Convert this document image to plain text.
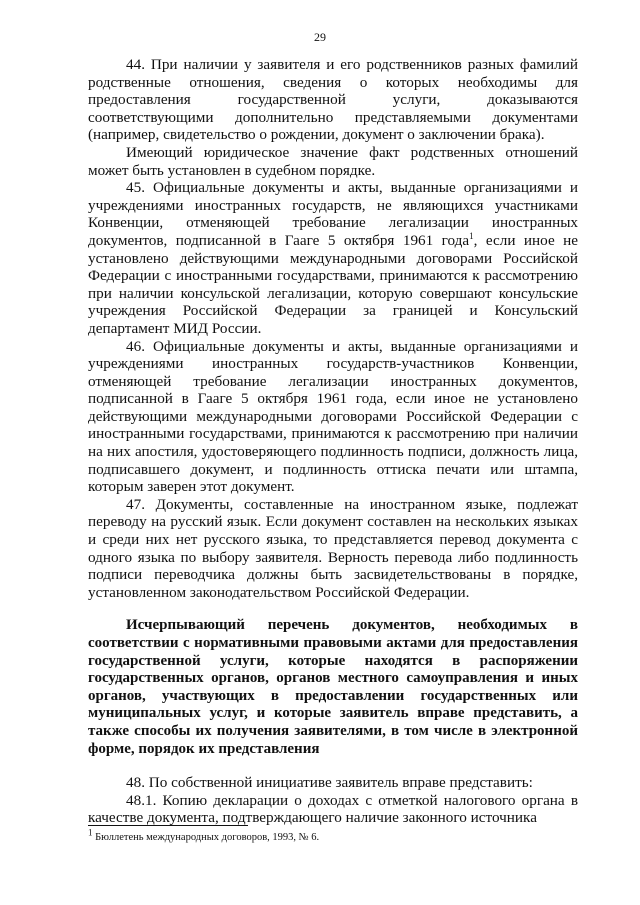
29

44. При наличии у заявителя и его родственников разных фамилий родственные отношения, сведения о которых необходимы для предоставления государственной услуги, доказываются соответствующими дополнительно представляемыми документами (например, свидетельство о рождении, документ о заключении брака).

Имеющий юридическое значение факт родственных отношений может быть установлен в судебном порядке.

45. Официальные документы и акты, выданные организациями и учреждениями иностранных государств, не являющихся участниками Конвенции, отменяющей требование легализации иностранных документов, подписанной в Гааге 5 октября 1961 года$^1$, если иное не установлено действующими международными договорами Российской Федерации с иностранными государствами, принимаются к рассмотрению при наличии консульской легализации, которую совершают консульские учреждения Российской Федерации за границей и Консульский департамент МИД России.

46. Официальные документы и акты, выданные организациями и учреждениями иностранных государств-участников Конвенции, отменяющей требование легализации иностранных документов, подписанной в Гааге 5 октября 1961 года, если иное не установлено действующими международными договорами Российской Федерации с иностранными государствами, принимаются к рассмотрению при наличии на них апостиля, удостоверяющего подлинность подписи, должность лица, подписавшего документ, и подлинность оттиска печати или штампа, которым заверен этот документ.

47. Документы, составленные на иностранном языке, подлежат переводу на русский язык. Если документ составлен на нескольких языках и среди них нет русского языка, то представляется перевод документа с одного языка по выбору заявителя. Верность перевода либо подлинность подписи переводчика должны быть засвидетельствованы в порядке, установленном законодательством Российской Федерации.

Исчерпывающий перечень документов, необходимых в соответствии с нормативными правовыми актами для предоставления государственной услуги, которые находятся в распоряжении государственных органов, органов местного самоуправления и иных органов, участвующих в предоставлении государственных или муниципальных услуг, и которые заявитель вправе представить, а также способы их получения заявителями, в том числе в электронной форме, порядок их представления

48. По собственной инициативе заявитель вправе представить:

48.1. Копию декларации о доходах с отметкой налогового органа в качестве документа, подтверждающего наличие законного источника

$^1$ Бюллетень международных договоров, 1993, № 6.
